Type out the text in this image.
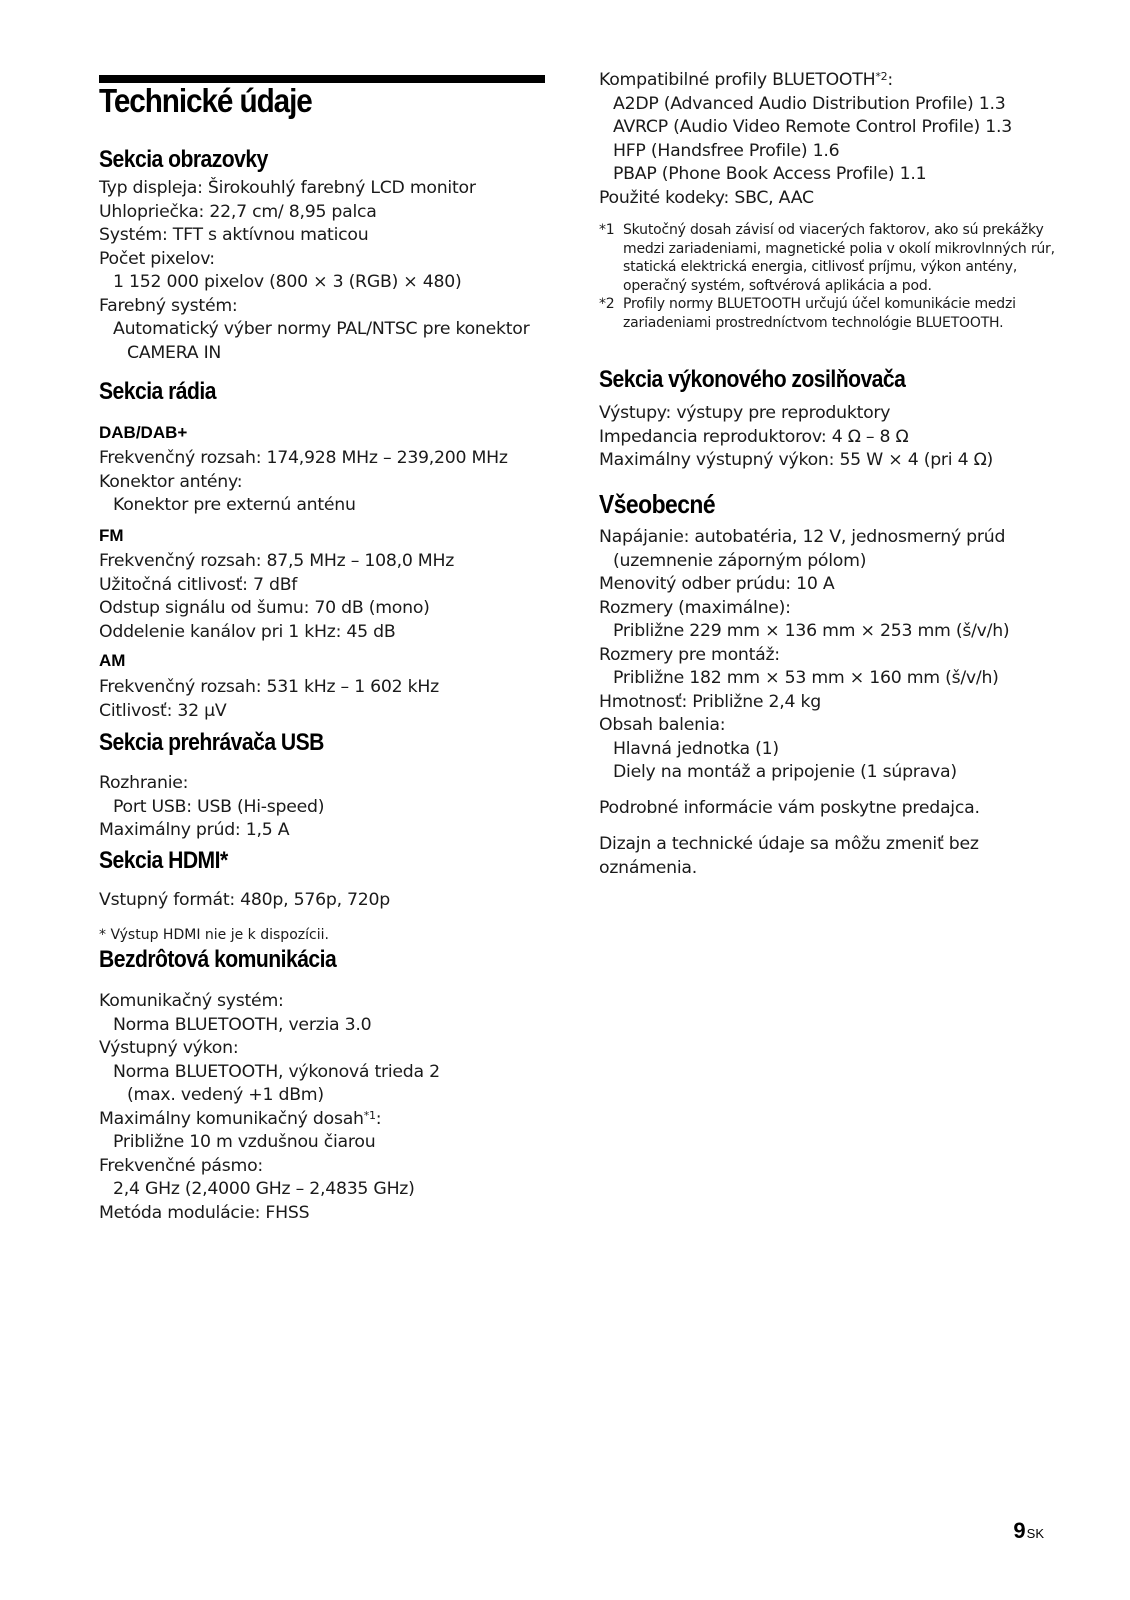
Technické údaje
Sekcia obrazovky
Typ displeja: Širokouhlý farebný LCD monitor
Uhlopriečka: 22,7 cm/ 8,95 palca
Systém: TFT s aktívnou maticou
Počet pixelov:
1 152 000 pixelov (800 × 3 (RGB) × 480)
Farebný systém:
Automatický výber normy PAL/NTSC pre konektor
CAMERA IN
Sekcia rádia
DAB/DAB+
Frekvenčný rozsah: 174,928 MHz – 239,200 MHz
Konektor antény:
Konektor pre externú anténu
FM
Frekvenčný rozsah: 87,5 MHz – 108,0 MHz
Užitočná citlivosť: 7 dBf
Odstup signálu od šumu: 70 dB (mono)
Oddelenie kanálov pri 1 kHz: 45 dB
AM
Frekvenčný rozsah: 531 kHz – 1 602 kHz
Citlivosť: 32 µV
Sekcia prehrávača USB
Rozhranie:
Port USB: USB (Hi-speed)
Maximálny prúd: 1,5 A
Sekcia HDMI*
Vstupný formát: 480p, 576p, 720p

* Výstup HDMI nie je k dispozícii.

Bezdrôtová komunikácia
Komunikačný systém:
Norma BLUETOOTH, verzia 3.0
Výstupný výkon:
Norma BLUETOOTH, výkonová trieda 2
(max. vedený +1 dBm)
Maximálny komunikačný dosah$^{*1}$:
Približne 10 m vzdušnou čiarou
Frekvenčné pásmo:
2,4 GHz (2,4000 GHz – 2,4835 GHz)
Metóda modulácie: FHSS
Kompatibilné profily BLUETOOTH$^{*2}$:
A2DP (Advanced Audio Distribution Profile) 1.3
AVRCP (Audio Video Remote Control Profile) 1.3
HFP (Handsfree Profile) 1.6
PBAP (Phone Book Access Profile) 1.1
Použité kodeky: SBC, AAC
*1 Skutočný dosah závisí od viacerých faktorov, ako sú prekážky medzi zariadeniami, magnetické polia v okolí mikrovlnných rúr, statická elektrická energia, citlivosť príjmu, výkon antény, operačný systém, softvérová aplikácia a pod.
*2 Profily normy BLUETOOTH určujú účel komunikácie medzi zariadeniami prostredníctvom technológie BLUETOOTH.
Sekcia výkonového zosilňovača
Výstupy: výstupy pre reproduktory
Impedancia reproduktorov: 4 Ω – 8 Ω
Maximálny výstupný výkon: 55 W × 4 (pri 4 Ω)
Všeobecné
Napájanie: autobatéria, 12 V, jednosmerný prúd
(uzemnenie záporným pólom)
Menovitý odber prúdu: 10 A
Rozmery (maximálne):
Približne 229 mm × 136 mm × 253 mm (š/v/h)
Rozmery pre montáž:
Približne 182 mm × 53 mm × 160 mm (š/v/h)
Hmotnosť: Približne 2,4 kg
Obsah balenia:
Hlavná jednotka (1)
Diely na montáž a pripojenie (1 súprava)

Podrobné informácie vám poskytne predajca.

Dizajn a technické údaje sa môžu zmeniť bez oznámenia.

9SK
